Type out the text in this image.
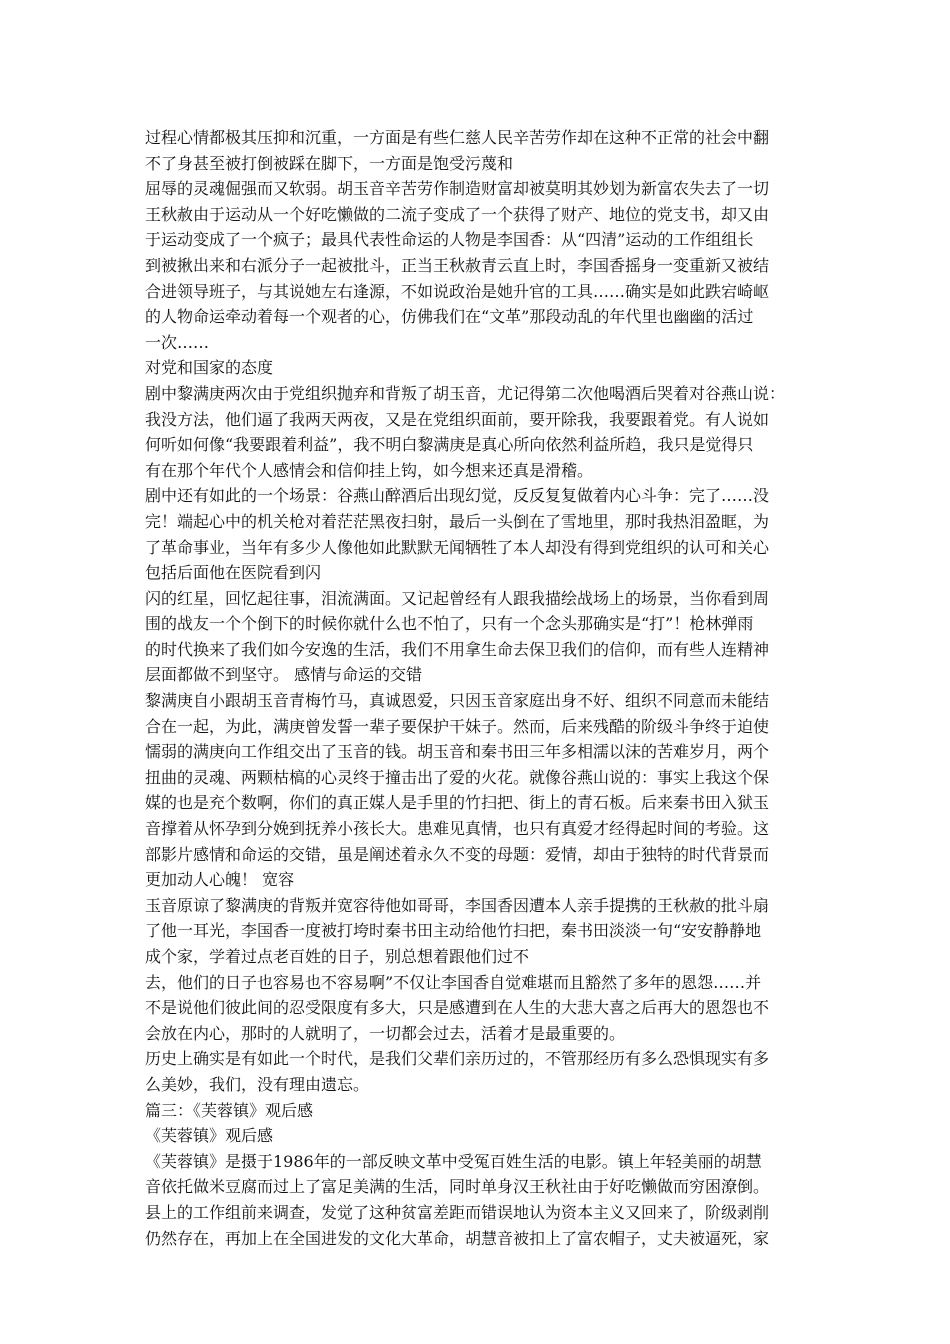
过程心情都极其压抑和沉重，一方面是有些仁慈人民辛苦劳作却在这种不正常的社会中翻
不了身甚至被打倒被踩在脚下，一方面是饱受污蔑和
屈辱的灵魂倔强而又软弱。胡玉音辛苦劳作制造财富却被莫明其妙划为新富农失去了一切
王秋赦由于运动从一个好吃懒做的二流子变成了一个获得了财产、地位的党支书，却又由
于运动变成了一个疯子；最具代表性命运的人物是李国香：从“四清”运动的工作组组长
到被揪出来和右派分子一起被批斗，正当王秋赦青云直上时，李国香摇身一变重新又被结
合进领导班子，与其说她左右逢源，不如说政治是她升官的工具……确实是如此跌宕崎岖
的人物命运牵动着每一个观者的心，仿佛我们在“文革”那段动乱的年代里也幽幽的活过
一次……
对党和国家的态度
剧中黎满庚两次由于党组织抛弃和背叛了胡玉音，尤记得第二次他喝酒后哭着对谷燕山说：
我没方法，他们逼了我两天两夜，又是在党组织面前，要开除我，我要跟着党。有人说如
何听如何像“我要跟着利益”，我不明白黎满庚是真心所向依然利益所趋，我只是觉得只
有在那个年代个人感情会和信仰挂上钩，如今想来还真是滑稽。
剧中还有如此的一个场景：谷燕山醉酒后出现幻觉，反反复复做着内心斗争：完了……没
完！端起心中的机关枪对着茫茫黑夜扫射，最后一头倒在了雪地里，那时我热泪盈眶，为
了革命事业，当年有多少人像他如此默默无闻牺牲了本人却没有得到党组织的认可和关心
包括后面他在医院看到闪
闪的红星，回忆起往事，泪流满面。又记起曾经有人跟我描绘战场上的场景，当你看到周
围的战友一个个倒下的时候你就什么也不怕了，只有一个念头那确实是“打”！枪林弹雨
的时代换来了我们如今安逸的生活，我们不用拿生命去保卫我们的信仰，而有些人连精神
层面都做不到坚守。 感情与命运的交错
黎满庚自小跟胡玉音青梅竹马，真诚恩爱，只因玉音家庭出身不好、组织不同意而未能结
合在一起，为此，满庚曾发誓一辈子要保护干妹子。然而，后来残酷的阶级斗争终于迫使
懦弱的满庚向工作组交出了玉音的钱。胡玉音和秦书田三年多相濡以沫的苦难岁月，两个
扭曲的灵魂、两颗枯槁的心灵终于撞击出了爱的火花。就像谷燕山说的：事实上我这个保
媒的也是充个数啊，你们的真正媒人是手里的竹扫把、街上的青石板。后来秦书田入狱玉
音撑着从怀孕到分娩到抚养小孩长大。患难见真情，也只有真爱才经得起时间的考验。这
部影片感情和命运的交错，虽是阐述着永久不变的母题：爱情，却由于独特的时代背景而
更加动人心魄！ 宽容
玉音原谅了黎满庚的背叛并宽容待他如哥哥，李国香因遭本人亲手提携的王秋赦的批斗扇
了他一耳光，李国香一度被打垮时秦书田主动给他竹扫把，秦书田淡淡一句“安安静静地
成个家，学着过点老百姓的日子，别总想着跟他们过不
去，他们的日子也容易也不容易啊”不仅让李国香自觉难堪而且豁然了多年的恩怨……并
不是说他们彼此间的忍受限度有多大，只是感遭到在人生的大悲大喜之后再大的恩怨也不
会放在内心，那时的人就明了，一切都会过去，活着才是最重要的。
历史上确实是有如此一个时代，是我们父辈们亲历过的，不管那经历有多么恐惧现实有多
么美妙，我们，没有理由遗忘。
篇三：《芙蓉镇》观后感
《芙蓉镇》观后感
《芙蓉镇》是摄于1986年的一部反映文革中受冤百姓生活的电影。镇上年轻美丽的胡慧
音依托做米豆腐而过上了富足美满的生活，同时单身汉王秋社由于好吃懒做而穷困潦倒。
县上的工作组前来调查，发觉了这种贫富差距而错误地认为资本主义又回来了，阶级剥削
仍然存在，再加上在全国进发的文化大革命，胡慧音被扣上了富农帽子，丈夫被逼死，家
